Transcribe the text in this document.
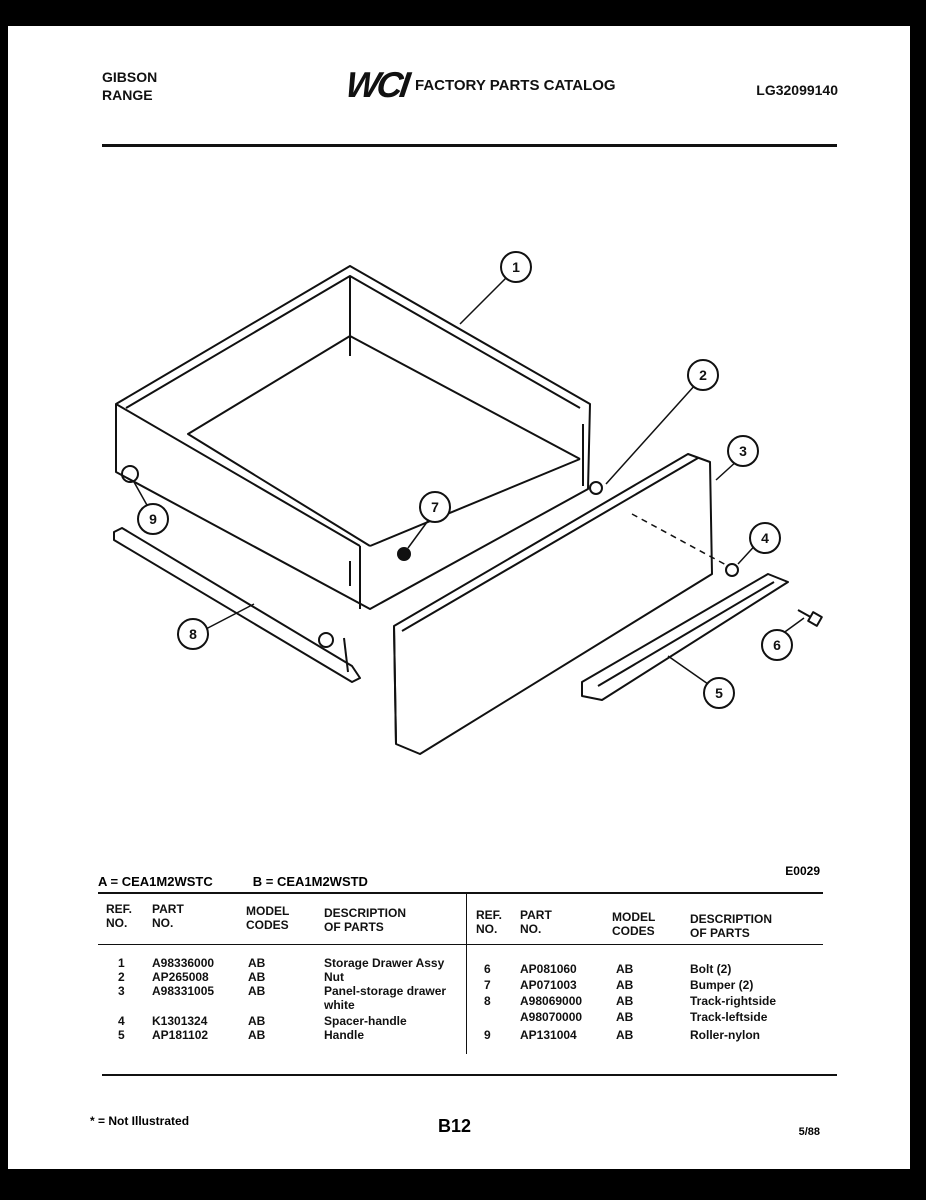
GIBSON
RANGE	WCI FACTORY PARTS CATALOG	LG32099140
1
2
3
4
5
6
7
8
9
E0029
A = CEA1M2WSTC	B = CEA1M2WSTD
REF.
NO.
PART
NO.
MODEL
CODES
DESCRIPTION
OF PARTS
1 A98336000	AB	Storage Drawer Assy
2 AP265008	AB	Nut
3 A98331005	AB	Panel-storage drawer
white
4 K1301324	AB	Spacer-handle
5 AP181102	AB	Handle
REF.
NO.
PART
NO.
MODEL
CODES
DESCRIPTION
OF PARTS
6 AP081060	AB	Bolt (2)
7 AP071003	AB	Bumper (2)
8 A98069000	AB	Track-rightside
A98070000	AB	Track-leftside
9 AP131004	AB	Roller-nylon
* = Not Illustrated	B12	5/88
